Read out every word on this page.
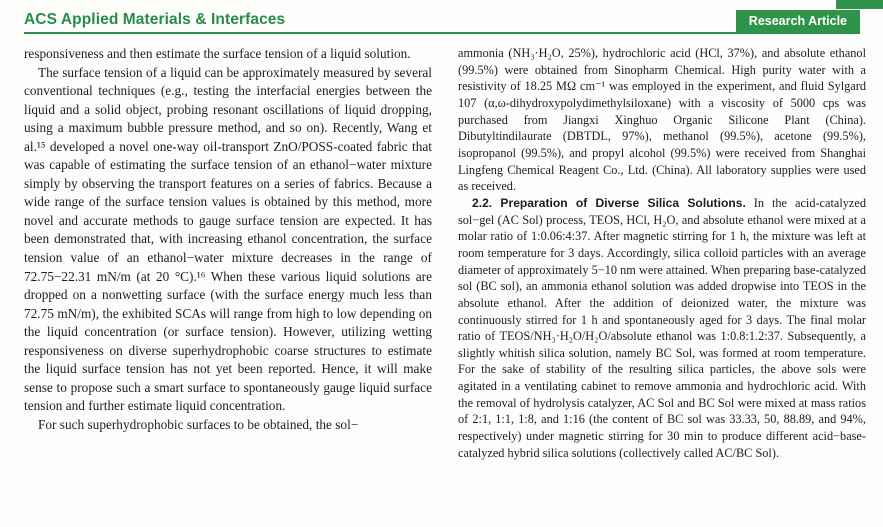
ACS Applied Materials & Interfaces	Research Article

responsiveness and then estimate the surface tension of a liquid solution.

The surface tension of a liquid can be approximately measured by several conventional techniques (e.g., testing the interfacial energies between the liquid and a solid object, probing resonant oscillations of liquid dropping, using a maximum bubble pressure method, and so on). Recently, Wang et al.¹⁵ developed a novel one-way oil-transport ZnO/POSS-coated fabric that was capable of estimating the surface tension of an ethanol−water mixture simply by observing the transport features on a series of fabrics. Because a wide range of the surface tension values is obtained by this method, more novel and accurate methods to gauge surface tension are expected. It has been demonstrated that, with increasing ethanol concentration, the surface tension value of an ethanol−water mixture decreases in the range of 72.75−22.31 mN/m (at 20 °C).¹⁶ When these various liquid solutions are dropped on a nonwetting surface (with the surface energy much less than 72.75 mN/m), the exhibited SCAs will range from high to low depending on the liquid concentration (or surface tension). However, utilizing wetting responsiveness on diverse superhydrophobic coarse structures to estimate the liquid surface tension has not yet been reported. Hence, it will make sense to propose such a smart surface to spontaneously gauge liquid surface tension and further estimate liquid concentration.

For such superhydrophobic surfaces to be obtained, the sol−

ammonia (NH₃·H₂O, 25%), hydrochloric acid (HCl, 37%), and absolute ethanol (99.5%) were obtained from Sinopharm Chemical. High purity water with a resistivity of 18.25 MΩ cm⁻¹ was employed in the experiment, and fluid Sylgard 107 (α,ω-dihydroxypolydimethylsiloxane) with a viscosity of 5000 cps was purchased from Jiangxi Xinghuo Organic Silicone Plant (China). Dibutyltindilaurate (DBTDL, 97%), methanol (99.5%), acetone (99.5%), isopropanol (99.5%), and propyl alcohol (99.5%) were received from Shanghai Lingfeng Chemical Reagent Co., Ltd. (China). All laboratory supplies were used as received.

2.2. Preparation of Diverse Silica Solutions. In the acid-catalyzed sol−gel (AC Sol) process, TEOS, HCl, H₂O, and absolute ethanol were mixed at a molar ratio of 1:0.06:4:37. After magnetic stirring for 1 h, the mixture was left at room temperature for 3 days. Accordingly, silica colloid particles with an average diameter of approximately 5−10 nm were attained. When preparing base-catalyzed sol (BC sol), an ammonia ethanol solution was added dropwise into TEOS in the absolute ethanol. After the addition of deionized water, the mixture was continuously stirred for 1 h and spontaneously aged for 3 days. The final molar ratio of TEOS/NH₃·H₂O/H₂O/absolute ethanol was 1:0.8:1.2:37. Subsequently, a slightly whitish silica solution, namely BC Sol, was formed at room temperature. For the sake of stability of the resulting silica particles, the above sols were agitated in a ventilating cabinet to remove ammonia and hydrochloric acid. With the removal of hydrolysis catalyzer, AC Sol and BC Sol were mixed at mass ratios of 2:1, 1:1, 1:8, and 1:16 (the content of BC sol was 33.33, 50, 88.89, and 94%, respectively) under magnetic stirring for 30 min to produce different acid−base-catalyzed hybrid silica solutions (collectively called AC/BC Sol).
